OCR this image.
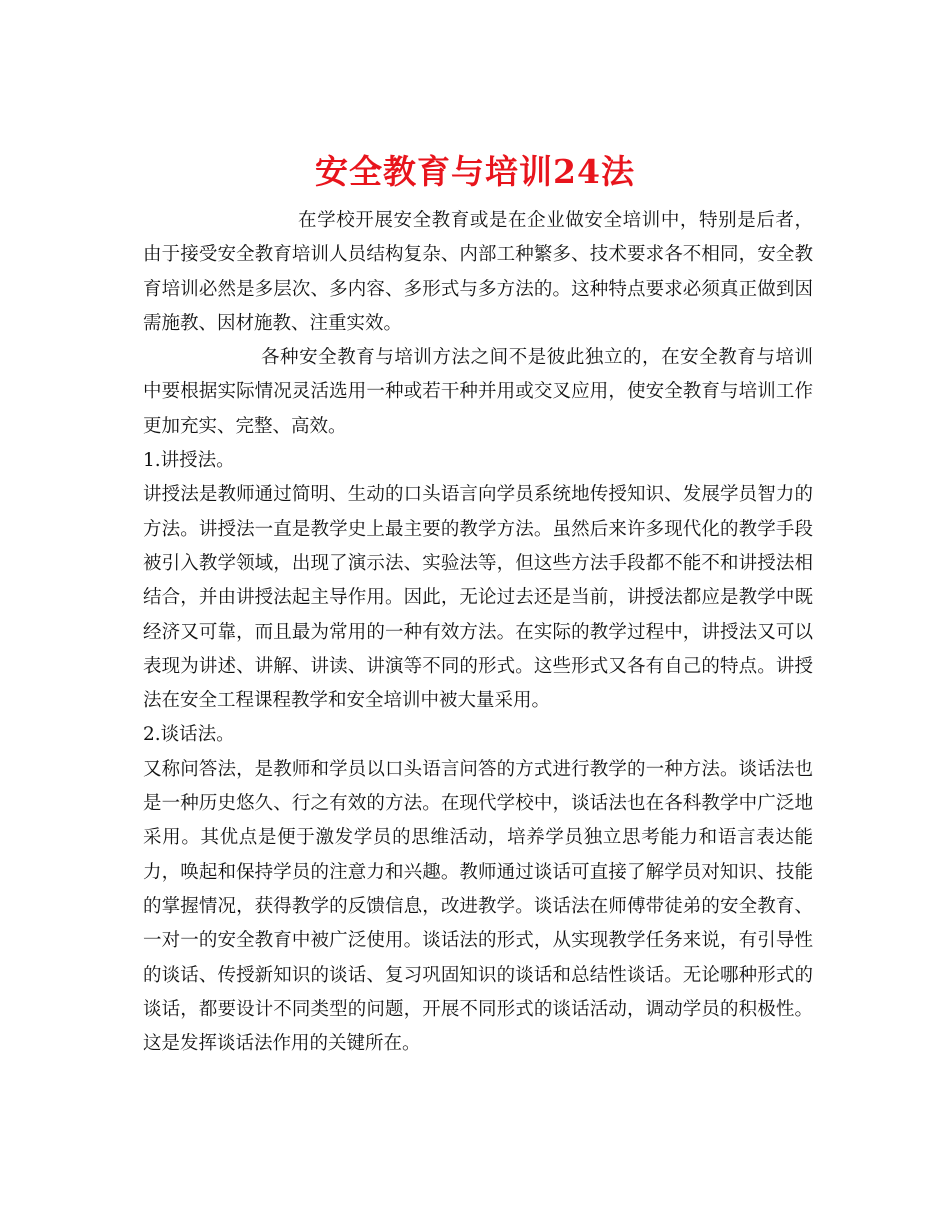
安全教育与培训24法

在学校开展安全教育或是在企业做安全培训中，特别是后者，由于接受安全教育培训人员结构复杂、内部工种繁多、技术要求各不相同，安全教育培训必然是多层次、多内容、多形式与多方法的。这种特点要求必须真正做到因需施教、因材施教、注重实效。

各种安全教育与培训方法之间不是彼此独立的，在安全教育与培训中要根据实际情况灵活选用一种或若干种并用或交叉应用，使安全教育与培训工作更加充实、完整、高效。

1.讲授法。

讲授法是教师通过简明、生动的口头语言向学员系统地传授知识、发展学员智力的方法。讲授法一直是教学史上最主要的教学方法。虽然后来许多现代化的教学手段被引入教学领域，出现了演示法、实验法等，但这些方法手段都不能不和讲授法相结合，并由讲授法起主导作用。因此，无论过去还是当前，讲授法都应是教学中既经济又可靠，而且最为常用的一种有效方法。在实际的教学过程中，讲授法又可以表现为讲述、讲解、讲读、讲演等不同的形式。这些形式又各有自己的特点。讲授法在安全工程课程教学和安全培训中被大量采用。

2.谈话法。

又称问答法，是教师和学员以口头语言问答的方式进行教学的一种方法。谈话法也是一种历史悠久、行之有效的方法。在现代学校中，谈话法也在各科教学中广泛地采用。其优点是便于激发学员的思维活动，培养学员独立思考能力和语言表达能力，唤起和保持学员的注意力和兴趣。教师通过谈话可直接了解学员对知识、技能的掌握情况，获得教学的反馈信息，改进教学。谈话法在师傅带徒弟的安全教育、一对一的安全教育中被广泛使用。谈话法的形式，从实现教学任务来说，有引导性的谈话、传授新知识的谈话、复习巩固知识的谈话和总结性谈话。无论哪种形式的谈话，都要设计不同类型的问题，开展不同形式的谈话活动，调动学员的积极性。这是发挥谈话法作用的关键所在。
